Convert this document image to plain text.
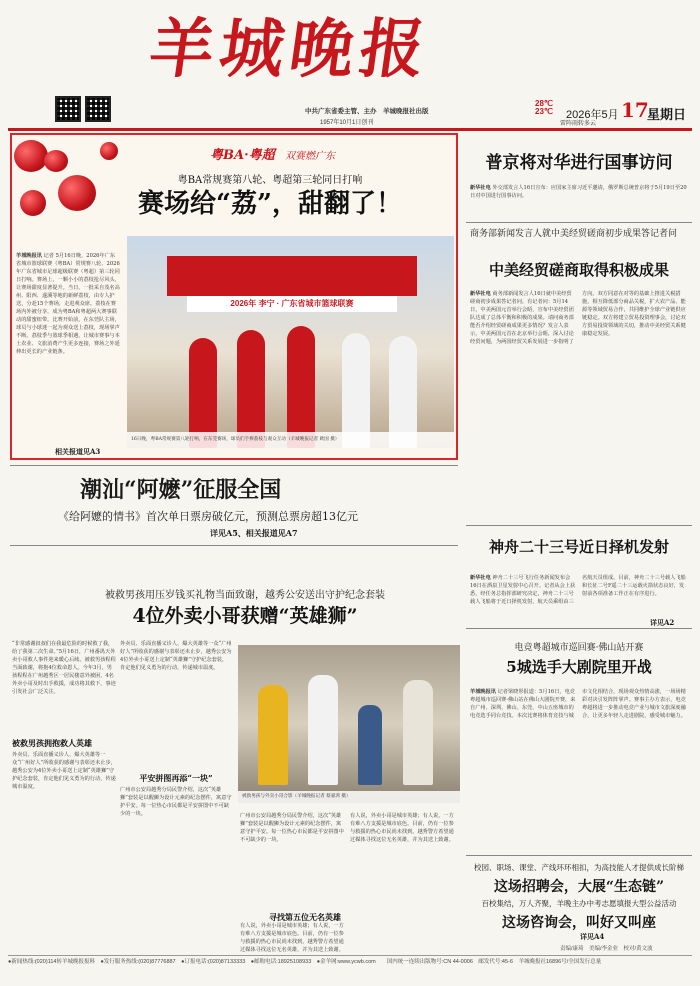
羊城晚报
中共广东省委主管、主办　羊城晚报社出版
1957年10月1日创刊
28℃
23℃
雷阵雨转多云
2026年5月 17
星期日
粤BA·粤超 双赛燃广东
粤BA常规赛第八轮、粤超第三轮同日打响
赛场给“荔”，甜翻了！
羊城晚报讯 记者 5月16日晚，2026年广东省城市篮球联赛（粤BA）常规赛八轮、2026年广东省城市足球超级联赛（粤超）第三轮同日打响。赛场上，一颗小小的荔枝抢尽风头，让赛场甜度显著提升。当日，一批采自茂名高州、阳西、遂溪等地的新鲜荔枝，由专人护送，分赴15个赛场，走进观众席。荔枝在赛场内外被分享，成为粤BA和粤超两大赛事联动的甜蜜纽带。比赛开始前，在东莞队主场，球员与小球迷一起为观众送上荔枝，现场掌声不断。荔枝季与篮球季相遇，让城市赛事与本土农业、文旅消费产生更多连接，赛场之外延伸出更长的产业链条。
相关报道见A3
2026年 李宁 · 广东省城市篮球联赛
16日晚，粤BA常规赛第八轮打响，在东莞赛场，球员们手捧荔枝与观众互动（羊城晚报记者 欧国 摄）
普京将对华进行国事访问
新华社电 外交部发言人16日宣布：应国家主席习近平邀请，俄罗斯总统普京将于5月19日至20日对中国进行国事访问。
商务部新闻发言人就中美经贸磋商初步成果答记者问
中美经贸磋商取得积极成果
新华社电 商务部新闻发言人16日就中美经贸磋商初步成果答记者问。有记者问：5月14日，中美两国元首举行会晤，宣布中美经贸团队达成了总体平衡和积极的成果。请问商务部能否介绍经贸磋商成果更多情况？发言人表示，中美两国元首在北京举行会晤，深入讨论经贸问题，为两国经贸关系发展进一步指明了方向。双方同意在对等的基础上推进关税措施，相互降低部分商品关税，扩大农产品、能源等领域贸易合作，共同维护全球产业链供应链稳定。双方将建立贸易投资理事会，讨论双方贸易投资领域的关切，推动中美经贸关系健康稳定发展。
潮汕“阿嬷”征服全国
《给阿嬷的情书》首次单日票房破亿元，预测总票房超13亿元
详见A5、相关报道见A7
神舟二十三号近日择机发射
新华社电 神舟二十三号飞行任务新闻发布会16日在酒泉卫星发射中心召开。记者从会上获悉，经任务总指挥部研究决定，神舟二十三号载人飞船将于近日择机发射，航天员乘组由三名航天员组成。目前，神舟二十三号载人飞船和长征二号F遥二十三运载火箭状态良好，发射前各项准备工作正在有序进行。
详见A2
被救男孩用压岁钱买礼物当面致谢，越秀公安送出守护纪念套装
4位外卖小哥获赠“英雄狮”
“非常感谢叔叔们在我最危险的时候救了我，给了我第二次生命。”5月16日，广州番禺天外卖小哥救人事件迎来暖心后续。被救男孩程程当面致谢，将抱4位救命恩人。今年3月，男孩程程在广州越秀区一居民楼意外被困，4名外卖小哥及时出手救援，成功将其救下，事迹引发社会广泛关注。
被救男孩拥抱救人英雄
外卖员、乐面直播义诊人、爆大英雄等一众“广州好人”所收获的感谢与表彰还未止步，越秀公安为4位外卖小哥送上定制“英雄狮”守护纪念套装，肯定他们见义勇为的行动，传递城市温度。
外卖员、乐面直播义诊人、爆大英雄等一众“广州好人”所收获的感谢与表彰还未止步，越秀公安为4位外卖小哥送上定制“英雄狮”守护纪念套装，肯定他们见义勇为的行动，传递城市温度。
平安拼图再添“一块”
广州市公安局越秀分局民警介绍，这次“英雄狮”套装是以醒狮为设计元素的纪念摆件，寓意守护平安。每一位热心市民都是平安拼图中不可缺少的一块。
被救男孩与外卖小哥合影（羊城晚报记者 蔡嘉鸿 摄）
广州市公安局越秀分局民警介绍，这次“英雄狮”套装是以醒狮为设计元素的纪念摆件，寓意守护平安。每一位热心市民都是平安拼图中不可缺少的一块。
寻找第五位无名英雄
有人说，外卖小哥是城市英雄；有人说，一方有难八方支援是城市底色。目前，仍有一位参与救援的热心市民尚未找到，越秀警方希望通过媒体寻找这位无名英雄，并为其送上致谢。
有人说，外卖小哥是城市英雄；有人说，一方有难八方支援是城市底色。目前，仍有一位参与救援的热心市民尚未找到，越秀警方希望通过媒体寻找这位无名英雄，并为其送上致谢。
电竞粤超城市巡回赛·佛山站开赛
5城选手大剧院里开战
羊城晚报讯 记者梁晓彤报道：5月16日，电竞粤超城市巡回赛·佛山站在佛山大剧院开赛，来自广州、深圳、佛山、东莞、中山五座城市的电竞选手同台竞技。本次比赛将体育竞技与城市文化相结合，现场观众热情高涨，一场场精彩对决引发阵阵掌声。赛事主办方表示，电竞粤超将进一步推动电竞产业与城市文旅深度融合，让更多年轻人走进剧院，感受城市魅力。
校园、职场、课堂、产线环环相扣，为高技能人才提供成长阶梯
这场招聘会，大展“生态链”
百校集结，万人齐聚，羊晚主办中考志愿填报大型公益活动
这场咨询会，叫好又叫座
详见A4
责编/康琦　美编/李金业　校对/黄文波
●新闻热线:(020)114转羊城晚报报料　●发行服务热线:(020)87776887　●订报电话:(020)87133333　●邮购电话:18925108933　●金羊网:www.ycwb.com　　国内统一连续出版物号:CN 44-0006　邮发代号:45-6　羊城晚报社16896号/全国发行总量
